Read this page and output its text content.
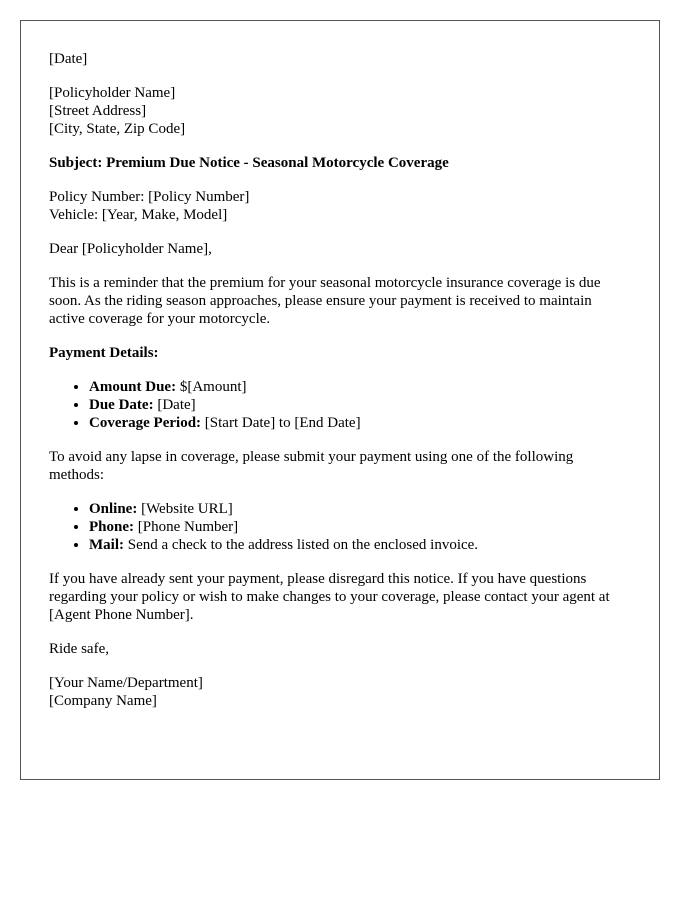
[Date]

[Policyholder Name]
[Street Address]
[City, State, Zip Code]

Subject: Premium Due Notice - Seasonal Motorcycle Coverage

Policy Number: [Policy Number]
Vehicle: [Year, Make, Model]

Dear [Policyholder Name],

This is a reminder that the premium for your seasonal motorcycle insurance coverage is due soon. As the riding season approaches, please ensure your payment is received to maintain active coverage for your motorcycle.

Payment Details:

• Amount Due: $[Amount]
• Due Date: [Date]
• Coverage Period: [Start Date] to [End Date]

To avoid any lapse in coverage, please submit your payment using one of the following methods:

• Online: [Website URL]
• Phone: [Phone Number]
• Mail: Send a check to the address listed on the enclosed invoice.

If you have already sent your payment, please disregard this notice. If you have questions regarding your policy or wish to make changes to your coverage, please contact your agent at [Agent Phone Number].

Ride safe,

[Your Name/Department]
[Company Name]
